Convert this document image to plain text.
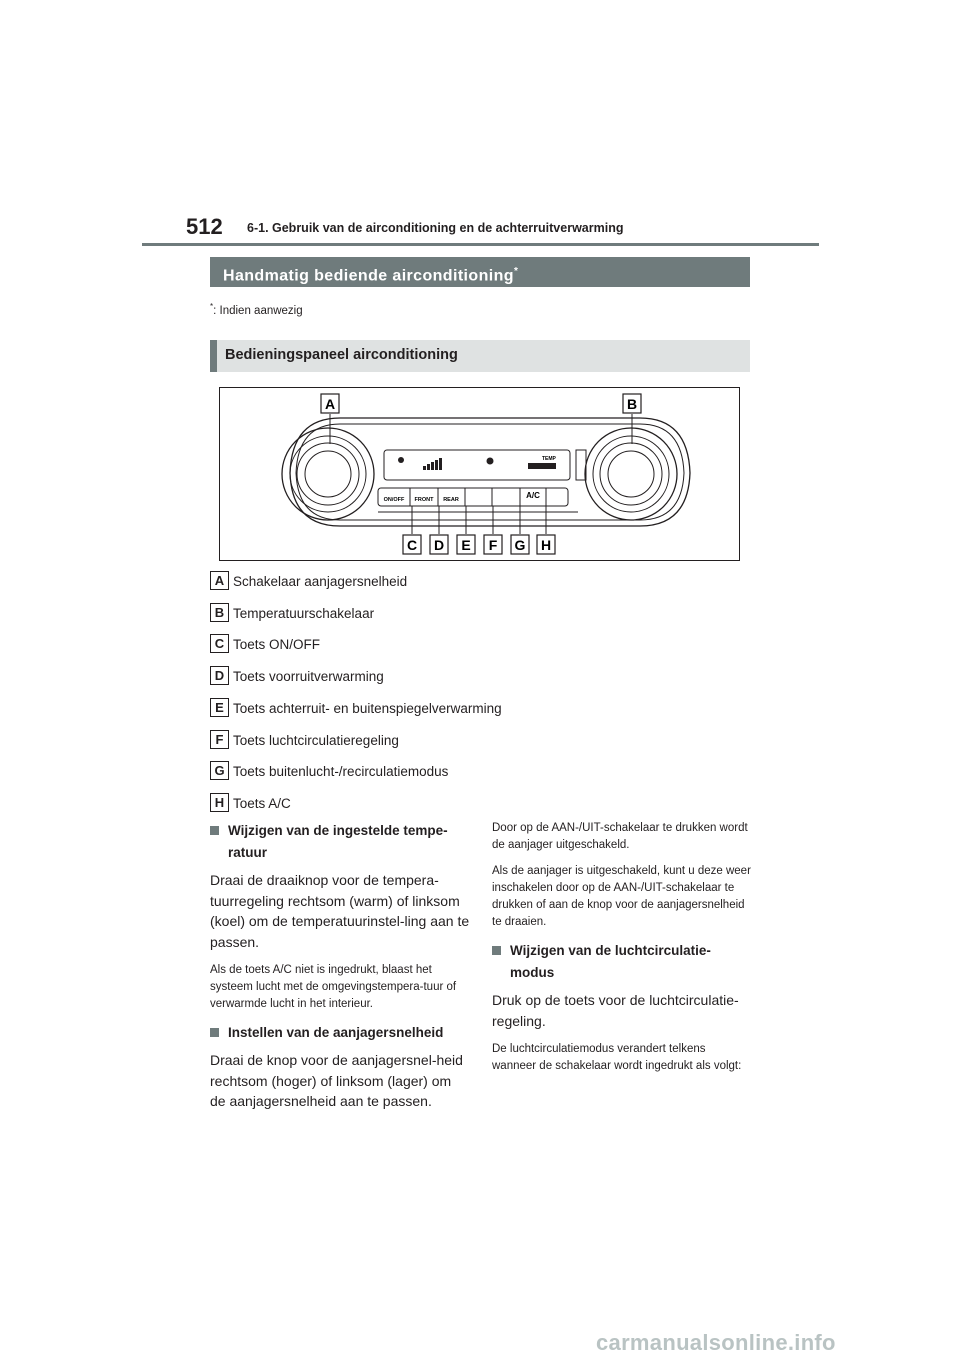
512 6-1. Gebruik van de airconditioning en de achterruitverwarming
Handmatig bediende airconditioning*
*: Indien aanwezig
Bedieningspaneel airconditioning
TEMP
ON/OFF FRONT REAR	A/C
A	B
C D E F G H
A Schakelaar aanjagersnelheid
B Temperatuurschakelaar
C Toets ON/OFF
D Toets voorruitverwarming
E Toets achterruit- en buitenspiegelverwarming
F Toets luchtcirculatieregeling
G Toets buitenlucht-/recirculatiemodus
H Toets A/C
Wijzigen van de ingestelde tempe-ratuur

Draai de draaiknop voor de tempera-tuurregeling rechtsom (warm) of linksom (koel) om de temperatuurinstel-ling aan te passen.

Als de toets A/C niet is ingedrukt, blaast het systeem lucht met de omgevingstempera-tuur of verwarmde lucht in het interieur.

Instellen van de aanjagersnelheid

Draai de knop voor de aanjagersnel-heid rechtsom (hoger) of linksom (lager) om de aanjagersnelheid aan te passen.

Door op de AAN-/UIT-schakelaar te drukken wordt de aanjager uitgeschakeld.

Als de aanjager is uitgeschakeld, kunt u deze weer inschakelen door op de AAN-/UIT-schakelaar te drukken of aan de knop voor de aanjagersnelheid te draaien.

Wijzigen van de luchtcirculatie-modus

Druk op de toets voor de luchtcirculatie-regeling.

De luchtcirculatiemodus verandert telkens wanneer de schakelaar wordt ingedrukt als volgt:

carmanualsonline.info
